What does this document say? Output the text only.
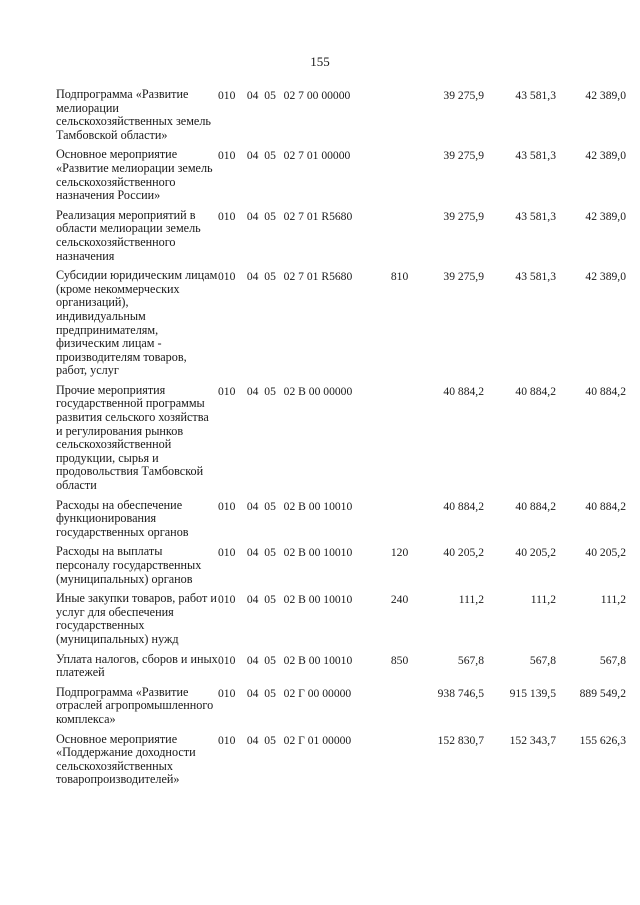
155
Подпрограмма «Развитие мелиорации сельскохозяйственных земель Тамбовской области»
010 04 05 02 7 00 00000	39 275,9	43 581,3	42 389,0
Основное мероприятие «Развитие мелиорации земель сельскохозяйственного назначения России»
010 04 05 02 7 01 00000	39 275,9	43 581,3	42 389,0
Реализация мероприятий в области мелиорации земель сельскохозяйственного назначения
010 04 05 02 7 01 R5680	39 275,9	43 581,3	42 389,0
Субсидии юридическим лицам (кроме некоммерческих организаций), индивидуальным предпринимателям, физическим лицам - производителям товаров, работ, услуг
010 04 05 02 7 01 R5680	810	39 275,9	43 581,3	42 389,0
Прочие мероприятия государственной программы развития сельского хозяйства и регулирования рынков сельскохозяйственной продукции, сырья и продовольствия Тамбовской области
010 04 05 02 В 00 00000	40 884,2	40 884,2	40 884,2
Расходы на обеспечение функционирования государственных органов
010 04 05 02 В 00 10010	40 884,2	40 884,2	40 884,2
Расходы на выплаты персоналу государственных (муниципальных) органов
010 04 05 02 В 00 10010	120	40 205,2	40 205,2	40 205,2
Иные закупки товаров, работ и услуг для обеспечения государственных (муниципальных) нужд
010 04 05 02 В 00 10010	240	111,2	111,2	111,2
Уплата налогов, сборов и иных платежей
010 04 05 02 В 00 10010	850	567,8	567,8	567,8
Подпрограмма «Развитие отраслей агропромышленного комплекса»
010 04 05 02 Г 00 00000	938 746,5	915 139,5	889 549,2
Основное мероприятие «Поддержание доходности сельскохозяйственных товаропроизводителей»
010 04 05 02 Г 01 00000	152 830,7	152 343,7	155 626,3
